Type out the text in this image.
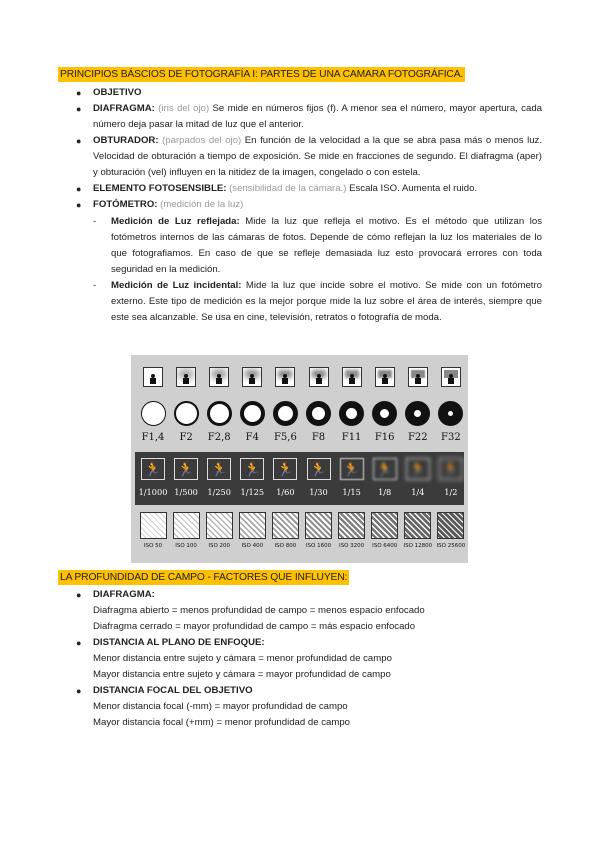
PRINCIPIOS BÁSCIOS DE FOTOGRAFÍA I: PARTES DE UNA CAMARA FOTOGRÁFICA.
● OBJETIVO
● DIAFRAGMA: (iris del ojo) Se mide en números fijos (f). A menor sea el número, mayor apertura, cada número deja pasar la mitad de luz que el anterior.
● OBTURADOR: (parpados del ojo) En función de la velocidad a la que se abra pasa más o menos luz. Velocidad de obturación a tiempo de exposición. Se mide en fracciones de segundo. El diafragma (aper) y obturación (vel) influyen en la nitidez de la imagen, congelado o con estela.
● ELEMENTO FOTOSENSIBLE: (sensibilidad de la cámara.) Escala ISO. Aumenta el ruido.
● FOTÓMETRO: (medición de la luz)
- Medición de Luz reflejada: Mide la luz que refleja el motivo. Es el método que utilizan los fotómetros internos de las cámaras de fotos. Depende de cómo reflejan la luz los materiales de lo que fotografiamos. En caso de que se refleje demasiada luz esto provocará errores con toda seguridad en la medición.
- Medición de Luz incidental: Mide la luz que incide sobre el motivo. Se mide con un fotómetro externo. Este tipo de medición es la mejor porque mide la luz sobre el área de interés, siempre que este sea alcanzable. Se usa en cine, televisión, retratos o fotografía de moda.
F1,4	F2	F2,8	F4	F5,6	F8	F11	F16	F22	F32
🏃
1/1000
🏃
1/500
🏃
1/250
🏃
1/125
🏃
1/60
🏃
1/30
🏃
1/15
🏃
1/8
🏃
1/4
🏃
1/2
ISO 50	ISO 100	ISO 200	ISO 400	ISO 800	ISO 1600	ISO 3200	ISO 6400	ISO 12800 ISO 25600
LA PROFUNDIDAD DE CAMPO - FACTORES QUE INFLUYEN:
● DIAFRAGMA:
Diafragma abierto = menos profundidad de campo = menos espacio enfocado
Diafragma cerrado = mayor profundidad de campo = más espacio enfocado
● DISTANCIA AL PLANO DE ENFOQUE:
Menor distancia entre sujeto y cámara = menor profundidad de campo
Mayor distancia entre sujeto y cámara = mayor profundidad de campo
● DISTANCIA FOCAL DEL OBJETIVO
Menor distancia focal (-mm) = mayor profundidad de campo
Mayor distancia focal (+mm) = menor profundidad de campo
